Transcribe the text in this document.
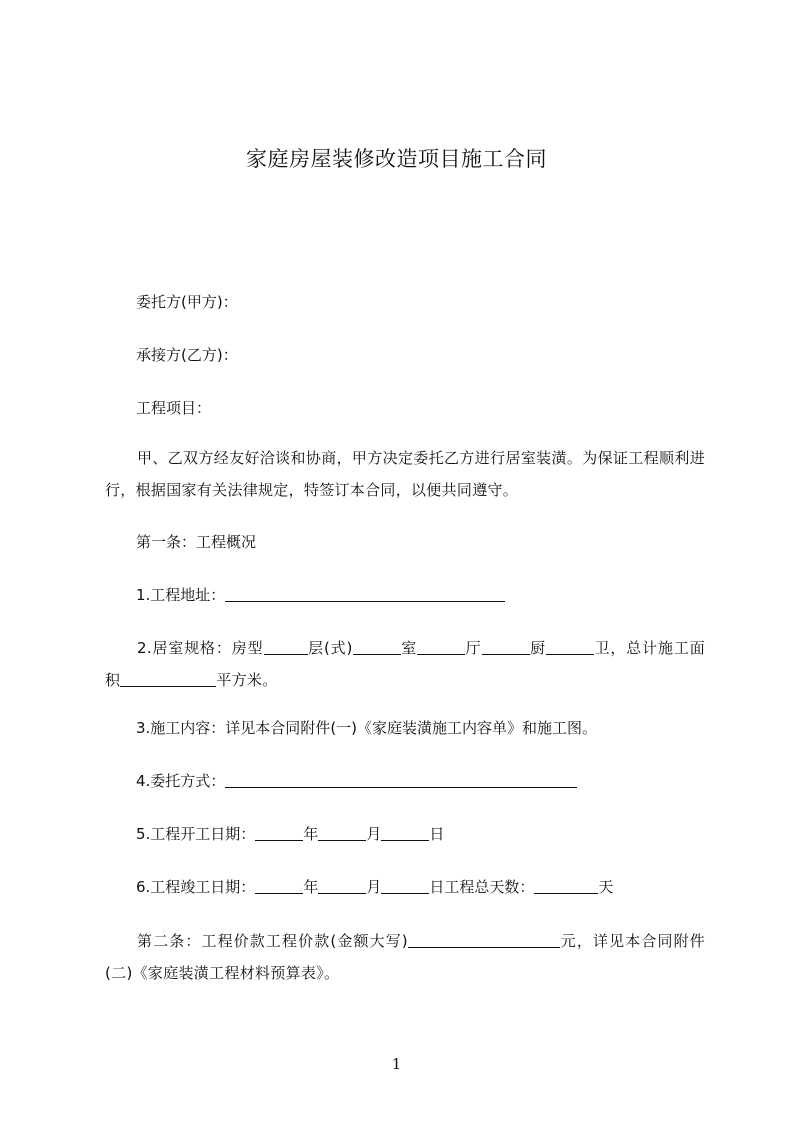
家庭房屋装修改造项目施工合同
委托方(甲方)：
承接方(乙方)：
工程项目：
甲、乙双方经友好洽谈和协商，甲方决定委托乙方进行居室装潢。为保证工程顺利进行，根据国家有关法律规定，特签订本合同，以便共同遵守。
第一条：工程概况
1.工程地址：
2.居室规格：房型	层(式)	室	厅	厨	卫，总计施工面积	平方米。
3.施工内容：详见本合同附件(一)《家庭装潢施工内容单》和施工图。
4.委托方式：
5.工程开工日期：	年	月	日
6.工程竣工日期：	年	月	日工程总天数：	天
第二条：工程价款工程价款(金额大写)	元，详见本合同附件(二)《家庭装潢工程材料预算表》。
1
